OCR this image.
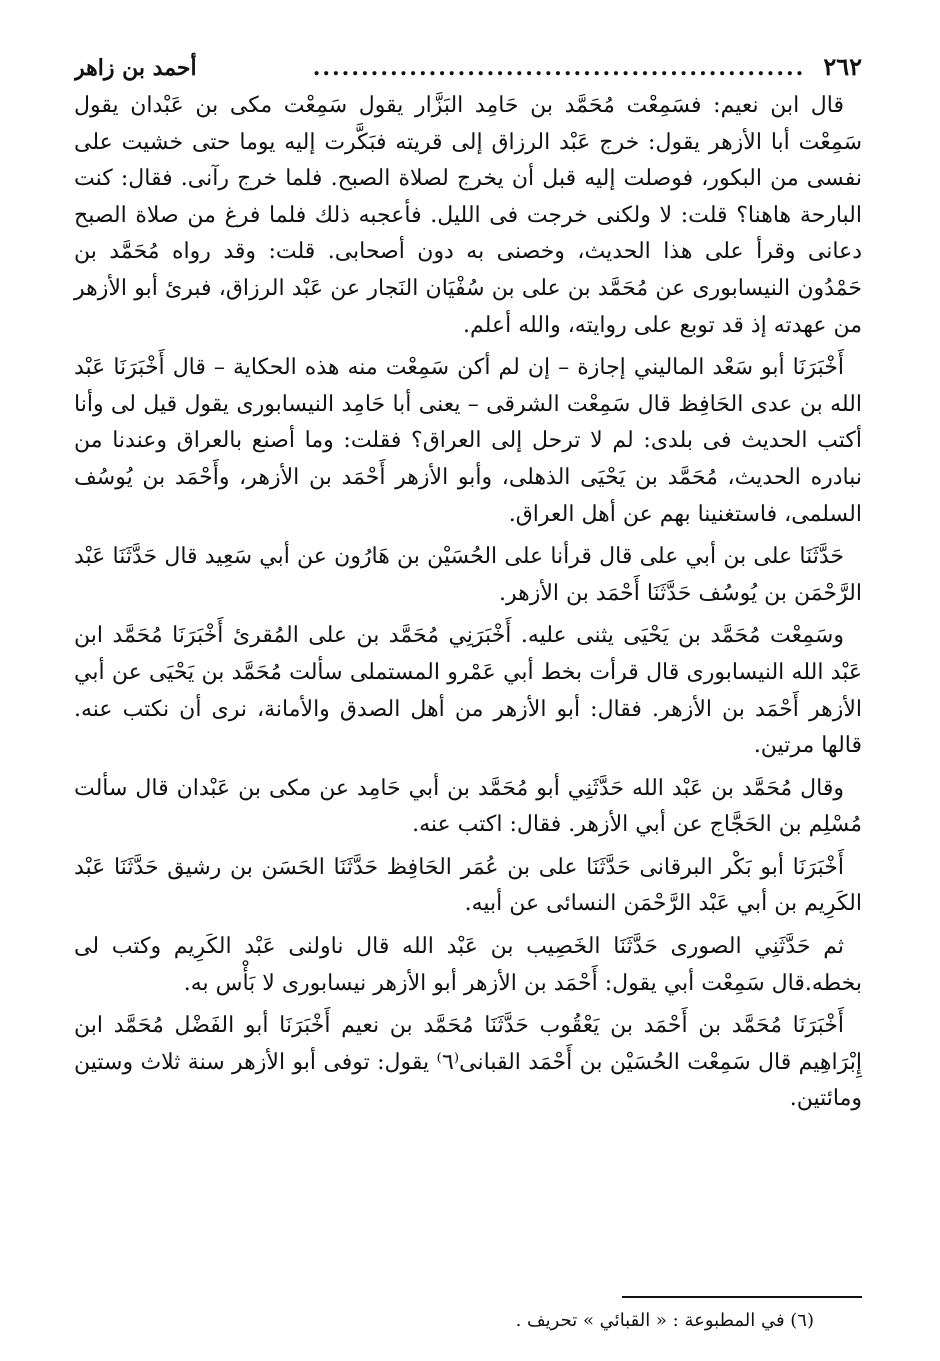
٢٦٢
...................................................
أحمد بن زاهر

قال ابن نعيم: فسَمِعْت مُحَمَّد بن حَامِد البَزَّار يقول سَمِعْت مكى بن عَبْدان يقول سَمِعْت أبا الأزهر يقول: خرج عَبْد الرزاق إلى قريته فبَكَّرت إليه يوما حتى خشيت على نفسى من البكور، فوصلت إليه قبل أن يخرج لصلاة الصبح. فلما خرج رآنى. فقال: كنت البارحة هاهنا؟ قلت: لا ولكنى خرجت فى الليل. فأعجبه ذلك فلما فرغ من صلاة الصبح دعانى وقرأ على هذا الحديث، وخصنى به دون أصحابى. قلت: وقد رواه مُحَمَّد بن حَمْدُون النيسابورى عن مُحَمَّد بن على بن سُفْيَان النَجار عن عَبْد الرزاق، فبرئ أبو الأزهر من عهدته إذ قد توبع على روايته، والله أعلم.

أَخْبَرَنَا أبو سَعْد الماليني إجازة – إن لم أكن سَمِعْت منه هذه الحكاية – قال أَخْبَرَنَا عَبْد الله بن عدى الحَافِظ قال سَمِعْت الشرقى – يعنى أبا حَامِد النيسابورى يقول قيل لى وأنا أكتب الحديث فى بلدى: لم لا ترحل إلى العراق؟ فقلت: وما أصنع بالعراق وعندنا من نبادره الحديث، مُحَمَّد بن يَحْيَى الذهلى، وأبو الأزهر أَحْمَد بن الأزهر، وأَحْمَد بن يُوسُف السلمى، فاستغنينا بهم عن أهل العراق.

حَدَّثَنَا على بن أبي على قال قرأنا على الحُسَيْن بن هَارُون عن أبي سَعِيد قال حَدَّثَنَا عَبْد الرَّحْمَن بن يُوسُف حَدَّثَنَا أَحْمَد بن الأزهر.

وسَمِعْت مُحَمَّد بن يَحْيَى يثنى عليه. أَخْبَرَنِي مُحَمَّد بن على المُقرئ أَخْبَرَنَا مُحَمَّد ابن عَبْد الله النيسابورى قال قرأت بخط أبي عَمْرو المستملى سألت مُحَمَّد بن يَحْيَى عن أبي الأزهر أَحْمَد بن الأزهر. فقال: أبو الأزهر من أهل الصدق والأمانة، نرى أن نكتب عنه. قالها مرتين.

وقال مُحَمَّد بن عَبْد الله حَدَّثَنِي أبو مُحَمَّد بن أبي حَامِد عن مكى بن عَبْدان قال سألت مُسْلِم بن الحَجَّاج عن أبي الأزهر. فقال: اكتب عنه.

أَخْبَرَنَا أبو بَكْر البرقانى حَدَّثَنَا على بن عُمَر الحَافِظ حَدَّثَنَا الحَسَن بن رشيق حَدَّثَنَا عَبْد الكَرِيم بن أبي عَبْد الرَّحْمَن النسائى عن أبيه.

ثم حَدَّثَنِي الصورى حَدَّثَنَا الخَصِيب بن عَبْد الله قال ناولنى عَبْد الكَرِيم وكتب لى بخطه.قال سَمِعْت أبي يقول: أَحْمَد بن الأزهر أبو الأزهر نيسابورى لا بَأْس به.

أَخْبَرَنَا مُحَمَّد بن أَحْمَد بن يَعْقُوب حَدَّثَنَا مُحَمَّد بن نعيم أَخْبَرَنَا أبو الفَضْل مُحَمَّد ابن إِبْرَاهِيم قال سَمِعْت الحُسَيْن بن أَحْمَد القبانى⁽٦⁾ يقول: توفى أبو الأزهر سنة ثلاث وستين ومائتين.

(٦) في المطبوعة : « القبائي » تحريف .
